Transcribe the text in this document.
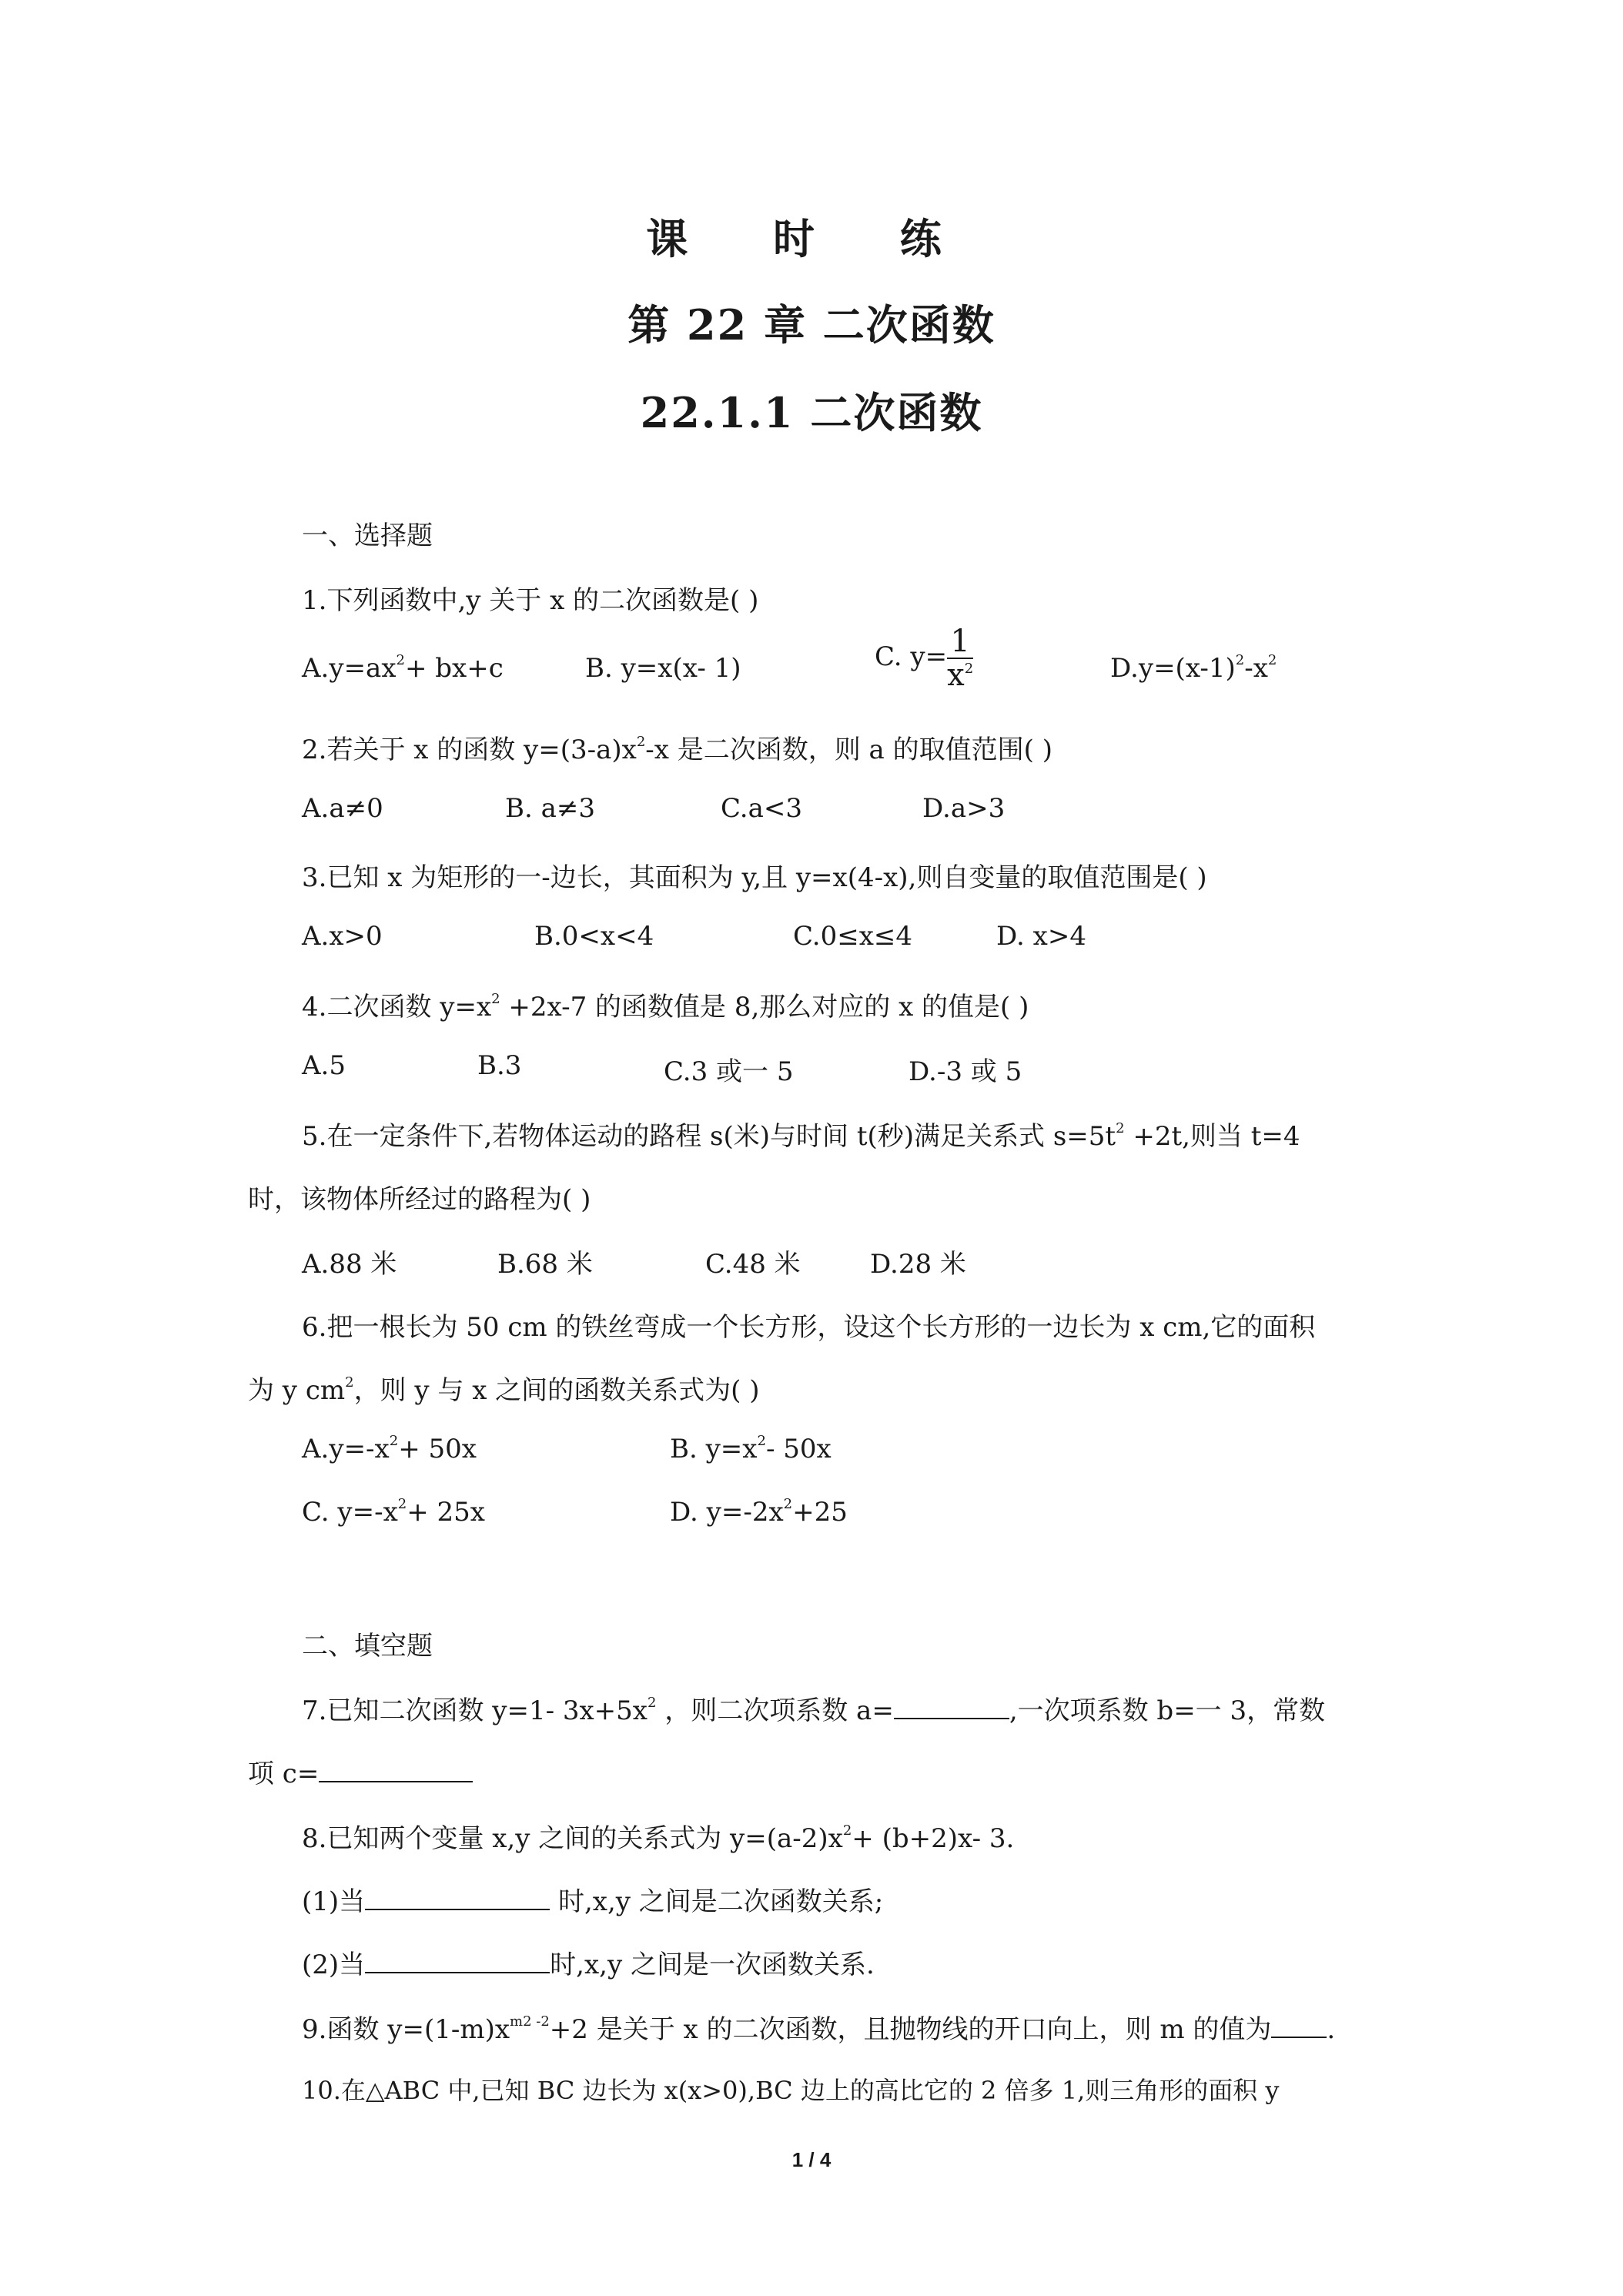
课 时 练
第 22 章 二次函数
22.1.1 二次函数
一、选择题
1.下列函数中,y 关于 x 的二次函数是( )
$A.y=ax^2+ bx+c$	B. y=x(x- 1)	C. $y= \frac{1}{x^2}$	$D.y=(x-1)^2-x^2$
2.若关于 x 的函数 $y=(3-a)x^2-x$ 是二次函数，则 a 的取值范围( )
A.a≠0	B. a≠3	C.a<3	D.a>3
3.已知 x 为矩形的一-边长，其面积为 y,且 y=x(4-x),则自变量的取值范围是( )
A.x>0	B.0<x<4	C.0≤x≤4	D. x>4
4.二次函数 $y=x^2 +2x-7$ 的函数值是 8,那么对应的 x 的值是( )
A.5	B.3	C.3 或一 5	D.-3 或 5
5.在一定条件下,若物体运动的路程 s(米)与时间 t(秒)满足关系式 $s=5t^2 +2t$,则当 t=4
时，该物体所经过的路程为( )
A.88 米	B.68 米	C.48 米	D.28 米
6.把一根长为 50 cm 的铁丝弯成一个长方形，设这个长方形的一边长为 x cm,它的面积
为 y $cm^2$，则 y 与 x 之间的函数关系式为( )
$A.y=-x^2+ 50x$	B. $y=x^2-$ 50x
C. $y=-x^2+ 25x$	D. $y=-2x^2+25$
二、填空题
7.已知二次函数 y=1- $3x+5x^2$ ，则二次项系数 a=	,一次项系数 b=一 3，常数
项 c=
8.已知两个变量 x,y 之间的关系式为 $y=(a-2)x^2+ (b+2)x-$ 3.
(1)当	时,x,y 之间是二次函数关系;
(2)当	时,x,y 之间是一次函数关系.
9.函数 $y=(1-m)x^{m2 -2}+2$ 是关于 x 的二次函数，且抛物线的开口向上，则 m 的值为 .
10.在△ABC 中,已知 BC 边长为 x(x>0),BC 边上的高比它的 2 倍多 1,则三角形的面积 y
1 / 4
